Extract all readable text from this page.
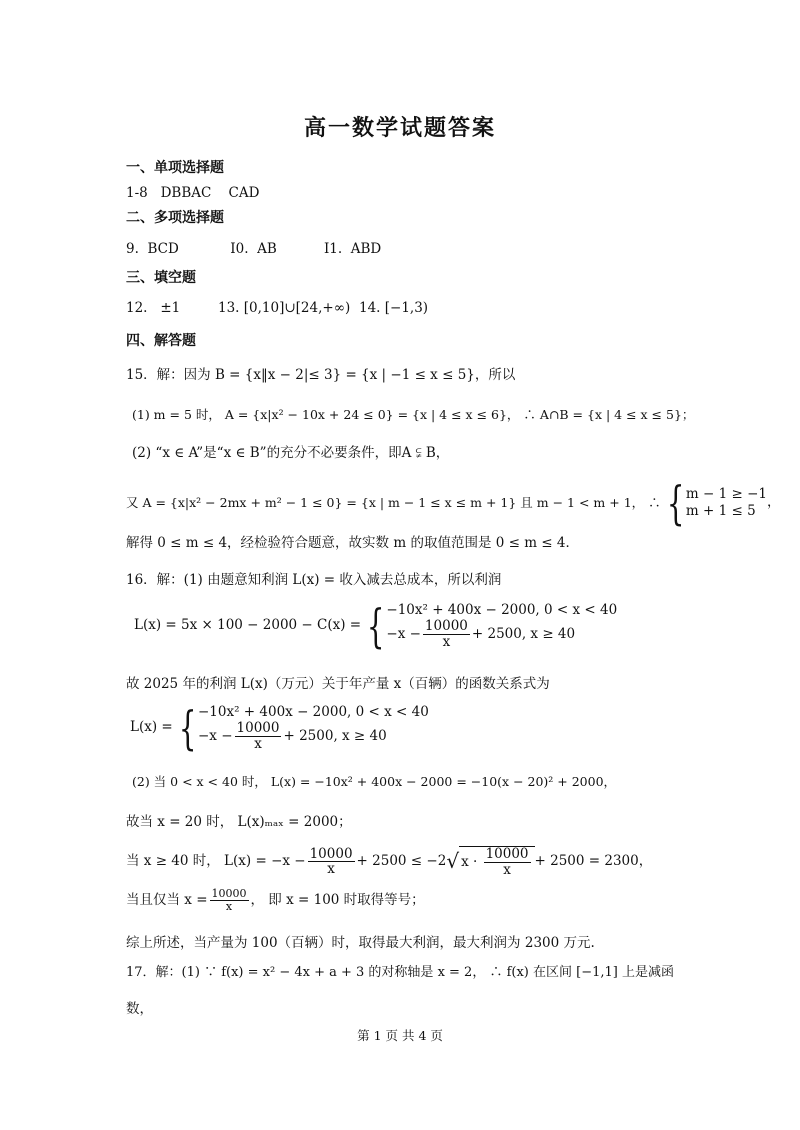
高一数学试题答案
一、单项选择题
1-8   DBBAC    CAD
二、多项选择题
9.  BCD            I0.  AB           I1.  ABD
三、填空题
12.   ±1	13. [0,10]∪[24,+∞) 14. [−1,3)
四、解答题
15．解：因为 B = {x‖x − 2|≤ 3} = {x | −1 ≤ x ≤ 5}，所以
(1) m = 5 时， A = {x|x² − 10x + 24 ≤ 0} = {x | 4 ≤ x ≤ 6}， ∴ A∩B = {x | 4 ≤ x ≤ 5}；
(2) “x ∈ A”是“x ∈ B”的充分不必要条件，即A ⫋ B，
又 A = {x|x² − 2mx + m² − 1 ≤ 0} = {x | m − 1 ≤ x ≤ m + 1} 且 m − 1 < m + 1， ∴ { m − 1 ≥ −1
m + 1 ≤ 5
，
解得 0 ≤ m ≤ 4，经检验符合题意，故实数 m 的取值范围是 0 ≤ m ≤ 4．
16．解：(1) 由题意知利润 L(x) = 收入减去总成本，所以利润
L(x) = 5x × 100 − 2000 − C(x) = { −10x² + 400x − 2000, 0 < x < 40
$-x - \frac{10000}{x} + 2500$, x ≥ 40
故 2025 年的利润 L(x)（万元）关于年产量 x（百辆）的函数关系式为
L(x) = { −10x² + 400x − 2000, 0 < x < 40
$-x - \frac{10000}{x} + 2500$, x ≥ 40
(2) 当 0 < x < 40 时， L(x) = −10x² + 400x − 2000 = −10(x − 20)² + 2000，
故当 x = 20 时， L(x)ₘₐₓ = 2000；
当 x ≥ 40 时， $L(x) = -x - \frac{10000}{x} + 2500 \le -2$ √ $x \cdot \frac{10000}{x} + 2500 = 2300$，
当且仅当 $x = \frac{10000}{x}$ ， 即 x = 100 时取得等号；
综上所述，当产量为 100（百辆）时，取得最大利润，最大利润为 2300 万元.
17．解：(1) ∵ f(x) = x² − 4x + a + 3 的对称轴是 x = 2， ∴ f(x) 在区间 [−1,1] 上是减函
数，
第 1 页 共 4 页
